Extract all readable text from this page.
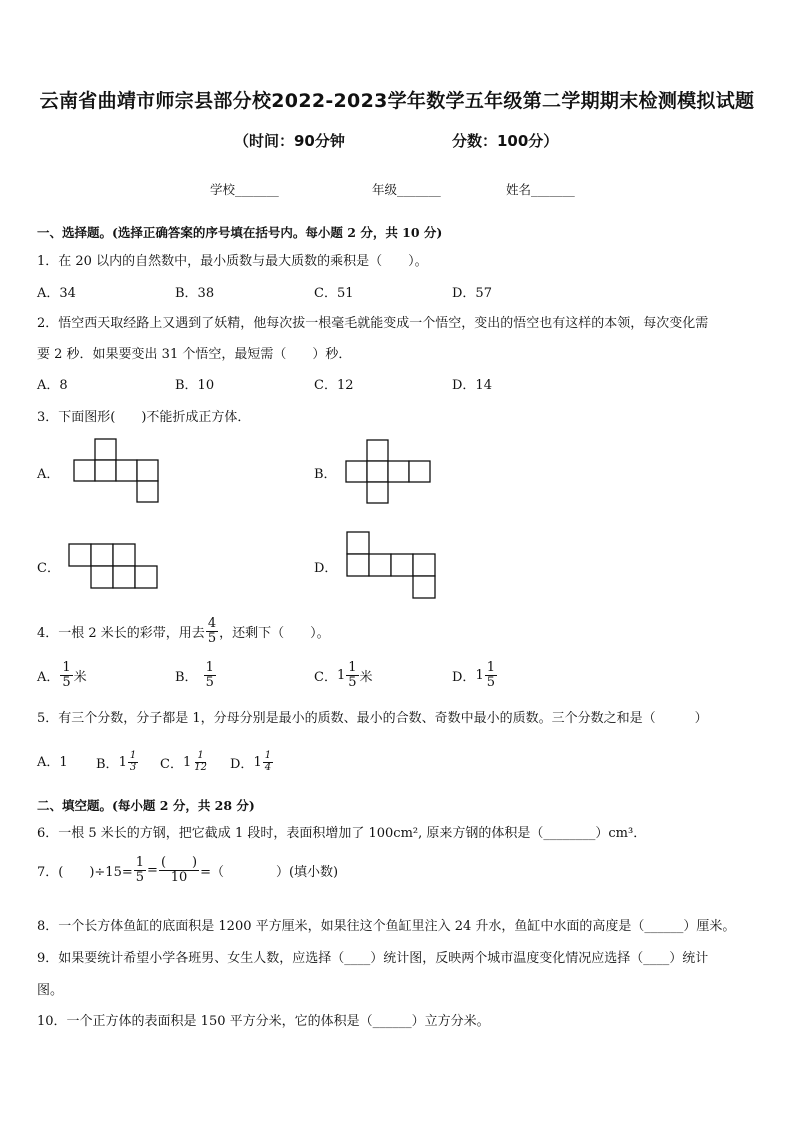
云南省曲靖市师宗县部分校2022-2023学年数学五年级第二学期期末检测模拟试题
（时间：90分钟	分数：100分）
学校_______	年级_______	姓名_______
一、选择题。(选择正确答案的序号填在括号内。每小题 2 分，共 10 分)
1．在 20 以内的自然数中，最小质数与最大质数的乘积是（　　）。
A．34	B．38	C．51	D．57
2．悟空西天取经路上又遇到了妖精，他每次拔一根毫毛就能变成一个悟空，变出的悟空也有这样的本领，每次变化需
要 2 秒．如果要变出 31 个悟空，最短需（　　）秒．
A．8	B．10	C．12	D．14
3．下面图形(　　)不能折成正方体．
A．	B．
C．	D．
4．一根 2 米长的彩带，用去 $\frac{4}{5}$ ，还剩下（　　）。
A． $\frac{1}{5}$ 米	B． $\frac{1}{5}$	C． $1 \frac{1}{5}$ 米	D． $1 \frac{1}{5}$
5．有三个分数，分子都是 1，分母分别是最小的质数、最小的合数、奇数中最小的质数。三个分数之和是（　　　）
A．1 B． $1 \frac{1}{3}$ C． $1 \frac{1}{12}$ D． $1 \frac{1}{4}$
二、填空题。(每小题 2 分，共 28 分)
6．一根 5 米长的方钢，把它截成 1 段时，表面积增加了 100cm², 原来方钢的体积是（________）cm³．
7．(　　)$\div 15= \frac{1}{5} = \frac{( )}{10}$ =（　　　　）(填小数)
8．一个长方体鱼缸的底面积是 1200 平方厘米，如果往这个鱼缸里注入 24 升水，鱼缸中水面的高度是（______）厘米。
9．如果要统计希望小学各班男、女生人数，应选择（____）统计图，反映两个城市温度变化情况应选择（____）统计
图。
10．一个正方体的表面积是 150 平方分米，它的体积是（______）立方分米。
